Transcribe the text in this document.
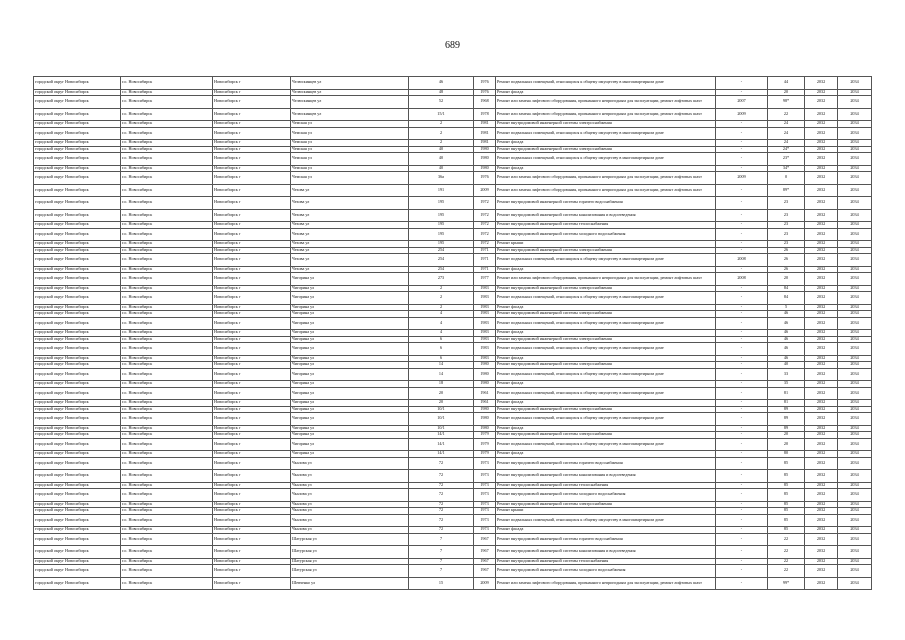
689
городской округ Новосибирск	г.о. Новосибирск	Новосибирск г	Челюскинцев ул	46	1976	Ремонт подвальных помещений, относящихся к общему имуществу в многоквартирном доме	-	44	2032	2034
городской округ Новосибирск	г.о. Новосибирск	Новосибирск г	Челюскинцев ул	48	1976	Ремонт фасада	-	20	2032	2034
городской округ Новосибирск	г.о. Новосибирск	Новосибирск г	Челюскинцев ул	52	1968	Ремонт или замена лифтового оборудования, признанного непригодным для эксплуатации, ремонт лифтовых шахт	2007	98*	2032	2034
городской округ Новосибирск	г.о. Новосибирск	Новосибирск г	Челюскинцев ул	15/1	1978	Ремонт или замена лифтового оборудования, признанного непригодным для эксплуатации, ремонт лифтовых шахт	2009	22	2032	2034
городской округ Новосибирск	г.о. Новосибирск	Новосибирск г	Чемская ул	2	1981	Ремонт внутридомовой инженерной системы электроснабжения	-	24	2032	2034
городской округ Новосибирск	г.о. Новосибирск	Новосибирск г	Чемская ул	2	1981	Ремонт подвальных помещений, относящихся к общему имуществу в многоквартирном доме	-	24	2032	2034
городской округ Новосибирск	г.о. Новосибирск	Новосибирск г	Чемская ул	2	1981	Ремонт фасада	-	24	2032	2034
городской округ Новосибирск	г.о. Новосибирск	Новосибирск г	Чемская ул	40	1980	Ремонт внутридомовой инженерной системы электроснабжения	-	24*	2032	2034
городской округ Новосибирск	г.о. Новосибирск	Новосибирск г	Чемская ул	40	1980	Ремонт подвальных помещений, относящихся к общему имуществу в многоквартирном доме	-	23*	2032	2034
городской округ Новосибирск	г.о. Новосибирск	Новосибирск г	Чемская ул	40	1980	Ремонт фасада	-	34*	2032	2034
городской округ Новосибирск	г.о. Новосибирск	Новосибирск г	Чемская ул	36а	1976	Ремонт или замена лифтового оборудования, признанного непригодным для эксплуатации, ремонт лифтовых шахт	2009	0	2032	2034
городской округ Новосибирск	г.о. Новосибирск	Новосибирск г	Чехова ул	191	2009	Ремонт или замена лифтового оборудования, признанного непригодным для эксплуатации, ремонт лифтовых шахт	-	89*	2032	2034
городской округ Новосибирск	г.о. Новосибирск	Новосибирск г	Чехова ул	195	1972	Ремонт внутридомовой инженерной системы горячего водоснабжения	-	23	2032	2034
городской округ Новосибирск	г.о. Новосибирск	Новосибирск г	Чехова ул	195	1972	Ремонт внутридомовой инженерной системы канализования и водоотведения	-	23	2032	2034
городской округ Новосибирск	г.о. Новосибирск	Новосибирск г	Чехова ул	195	1972	Ремонт внутридомовой инженерной системы теплоснабжения	-	23	2032	2034
городской округ Новосибирск	г.о. Новосибирск	Новосибирск г	Чехова ул	195	1972	Ремонт внутридомовой инженерной системы холодного водоснабжения	-	23	2032	2034
городской округ Новосибирск	г.о. Новосибирск	Новосибирск г	Чехова ул	195	1972	Ремонт крыши	-	23	2032	2034
городской округ Новосибирск	г.о. Новосибирск	Новосибирск г	Чехова ул	254	1971	Ремонт внутридомовой инженерной системы электроснабжения	-	26	2032	2034
городской округ Новосибирск	г.о. Новосибирск	Новосибирск г	Чехова ул	254	1971	Ремонт подвальных помещений, относящихся к общему имуществу в многоквартирном доме	2008	26	2032	2034
городской округ Новосибирск	г.о. Новосибирск	Новосибирск г	Чехова ул	254	1971	Ремонт фасада	-	26	2032	2034
городской округ Новосибирск	г.о. Новосибирск	Новосибирск г	Чигорина ул	273	1977	Ремонт или замена лифтового оборудования, признанного непригодным для эксплуатации, ремонт лифтовых шахт	2008	20	2032	2034
городской округ Новосибирск	г.о. Новосибирск	Новосибирск г	Чигорина ул	2	1983	Ремонт внутридомовой инженерной системы электроснабжения	-	84	2032	2034
городской округ Новосибирск	г.о. Новосибирск	Новосибирск г	Чигорина ул	2	1983	Ремонт подвальных помещений, относящихся к общему имуществу в многоквартирном доме	-	84	2032	2034
городской округ Новосибирск	г.о. Новосибирск	Новосибирск г	Чигорина ул	2	1983	Ремонт фасада	-	5	2032	2034
городской округ Новосибирск	г.о. Новосибирск	Новосибирск г	Чигорина ул	4	1983	Ремонт внутридомовой инженерной системы электроснабжения	-	46	2032	2034
городской округ Новосибирск	г.о. Новосибирск	Новосибирск г	Чигорина ул	4	1983	Ремонт подвальных помещений, относящихся к общему имуществу в многоквартирном доме	-	46	2032	2034
городской округ Новосибирск	г.о. Новосибирск	Новосибирск г	Чигорина ул	4	1983	Ремонт фасада	-	46	2032	2034
городской округ Новосибирск	г.о. Новосибирск	Новосибирск г	Чигорина ул	6	1983	Ремонт внутридомовой инженерной системы электроснабжения	-	46	2032	2034
городской округ Новосибирск	г.о. Новосибирск	Новосибирск г	Чигорина ул	6	1983	Ремонт подвальных помещений, относящихся к общему имуществу в многоквартирном доме	-	46	2032	2034
городской округ Новосибирск	г.о. Новосибирск	Новосибирск г	Чигорина ул	6	1983	Ремонт фасада	-	46	2032	2034
городской округ Новосибирск	г.о. Новосибирск	Новосибирск г	Чигорина ул	14	1980	Ремонт внутридомовой инженерной системы электроснабжения	-	40	2032	2034
городской округ Новосибирск	г.о. Новосибирск	Новосибирск г	Чигорина ул	14	1980	Ремонт подвальных помещений, относящихся к общему имуществу в многоквартирном доме	-	33	2032	2034
городской округ Новосибирск	г.о. Новосибирск	Новосибирск г	Чигорина ул	18	1980	Ремонт фасада	-	35	2032	2034
городской округ Новосибирск	г.о. Новосибирск	Новосибирск г	Чигорина ул	20	1961	Ремонт подвальных помещений, относящихся к общему имуществу в многоквартирном доме	-	81	2032	2034
городской округ Новосибирск	г.о. Новосибирск	Новосибирск г	Чигорина ул	20	1961	Ремонт фасада	-	81	2032	2034
городской округ Новосибирск	г.о. Новосибирск	Новосибирск г	Чигорина ул	10/1	1980	Ремонт внутридомовой инженерной системы электроснабжения	-	89	2032	2034
городской округ Новосибирск	г.о. Новосибирск	Новосибирск г	Чигорина ул	10/1	1980	Ремонт подвальных помещений, относящихся к общему имуществу в многоквартирном доме	-	89	2032	2034
городской округ Новосибирск	г.о. Новосибирск	Новосибирск г	Чигорина ул	10/1	1980	Ремонт фасада	-	89	2032	2034
городской округ Новосибирск	г.о. Новосибирск	Новосибирск г	Чигорина ул	14/1	1979	Ремонт внутридомовой инженерной системы электроснабжения	-	20	2032	2034
городской округ Новосибирск	г.о. Новосибирск	Новосибирск г	Чигорина ул	14/1	1979	Ремонт подвальных помещений, относящихся к общему имуществу в многоквартирном доме	-	20	2032	2034
городской округ Новосибирск	г.о. Новосибирск	Новосибирск г	Чигорина ул	14/1	1979	Ремонт фасада	-	80	2032	2034
городской округ Новосибирск	г.о. Новосибирск	Новосибирск г	Чкалова ул	72	1973	Ремонт внутридомовой инженерной системы горячего водоснабжения	-	85	2032	2034
городской округ Новосибирск	г.о. Новосибирск	Новосибирск г	Чкалова ул	72	1973	Ремонт внутридомовой инженерной системы канализования и водоотведения	-	85	2032	2034
городской округ Новосибирск	г.о. Новосибирск	Новосибирск г	Чкалова ул	72	1973	Ремонт внутридомовой инженерной системы теплоснабжения	-	85	2032	2034
городской округ Новосибирск	г.о. Новосибирск	Новосибирск г	Чкалова ул	72	1973	Ремонт внутридомовой инженерной системы холодного водоснабжения	-	85	2032	2034
городской округ Новосибирск	г.о. Новосибирск	Новосибирск г	Чкалова ул	72	1973	Ремонт внутридомовой инженерной системы электроснабжения	-	85	2032	2034
городской округ Новосибирск	г.о. Новосибирск	Новосибирск г	Чкалова ул	72	1973	Ремонт крыши	-	85	2032	2034
городской округ Новосибирск	г.о. Новосибирск	Новосибирск г	Чкалова ул	72	1973	Ремонт подвальных помещений, относящихся к общему имуществу в многоквартирном доме	-	85	2032	2034
городской округ Новосибирск	г.о. Новосибирск	Новосибирск г	Чкалова ул	72	1973	Ремонт фасада	-	85	2032	2034
городской округ Новосибирск	г.о. Новосибирск	Новосибирск г	Шатурская ул	7	1967	Ремонт внутридомовой инженерной системы горячего водоснабжения	-	22	2032	2034
городской округ Новосибирск	г.о. Новосибирск	Новосибирск г	Шатурская ул	7	1967	Ремонт внутридомовой инженерной системы канализования и водоотведения	-	22	2032	2034
городской округ Новосибирск	г.о. Новосибирск	Новосибирск г	Шатурская ул	7	1967	Ремонт внутридомовой инженерной системы теплоснабжения	-	22	2032	2034
городской округ Новосибирск	г.о. Новосибирск	Новосибирск г	Шатурская ул	7	1967	Ремонт внутридомовой инженерной системы холодного водоснабжения	-	22	2032	2034
городской округ Новосибирск	г.о. Новосибирск	Новосибирск г	Шевченко ул	15	2009	Ремонт или замена лифтового оборудования, признанного непригодным для эксплуатации, ремонт лифтовых шахт	-	99*	2032	2034
